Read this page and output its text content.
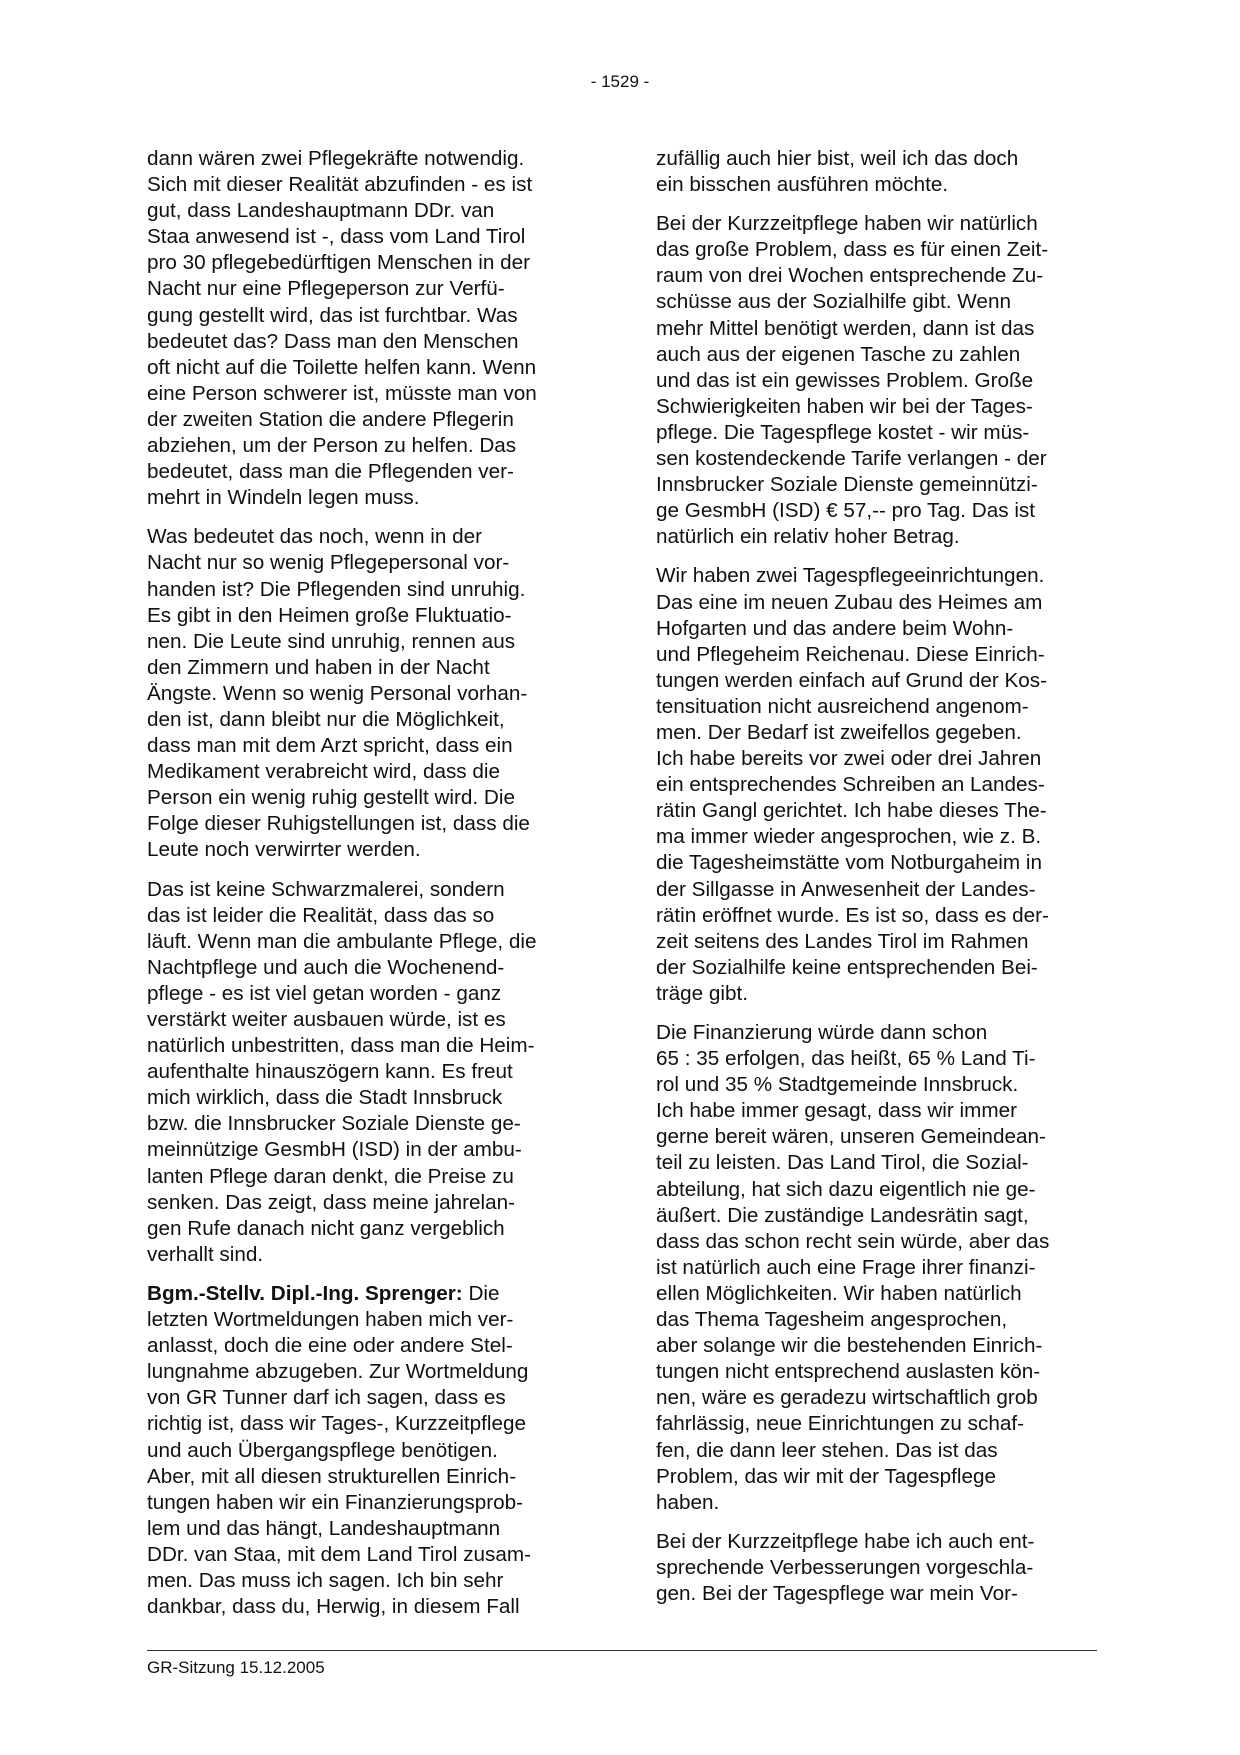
- 1529 -
dann wären zwei Pflegekräfte notwendig.
Sich mit dieser Realität abzufinden - es ist
gut, dass Landeshauptmann DDr. van
Staa anwesend ist -, dass vom Land Tirol
pro 30 pflegebedürftigen Menschen in der
Nacht nur eine Pflegeperson zur Verfü-
gung gestellt wird, das ist furchtbar. Was
bedeutet das? Dass man den Menschen
oft nicht auf die Toilette helfen kann. Wenn
eine Person schwerer ist, müsste man von
der zweiten Station die andere Pflegerin
abziehen, um der Person zu helfen. Das
bedeutet, dass man die Pflegenden ver-
mehrt in Windeln legen muss.
Was bedeutet das noch, wenn in der
Nacht nur so wenig Pflegepersonal vor-
handen ist? Die Pflegenden sind unruhig.
Es gibt in den Heimen große Fluktuatio-
nen. Die Leute sind unruhig, rennen aus
den Zimmern und haben in der Nacht
Ängste. Wenn so wenig Personal vorhan-
den ist, dann bleibt nur die Möglichkeit,
dass man mit dem Arzt spricht, dass ein
Medikament verabreicht wird, dass die
Person ein wenig ruhig gestellt wird. Die
Folge dieser Ruhigstellungen ist, dass die
Leute noch verwirrter werden.
Das ist keine Schwarzmalerei, sondern
das ist leider die Realität, dass das so
läuft. Wenn man die ambulante Pflege, die
Nachtpflege und auch die Wochenend-
pflege - es ist viel getan worden - ganz
verstärkt weiter ausbauen würde, ist es
natürlich unbestritten, dass man die Heim-
aufenthalte hinauszögern kann. Es freut
mich wirklich, dass die Stadt Innsbruck
bzw. die Innsbrucker Soziale Dienste ge-
meinnützige GesmbH (ISD) in der ambu-
lanten Pflege daran denkt, die Preise zu
senken. Das zeigt, dass meine jahrelan-
gen Rufe danach nicht ganz vergeblich
verhallt sind.
Bgm.-Stellv. Dipl.-Ing. Sprenger: Die
letzten Wortmeldungen haben mich ver-
anlasst, doch die eine oder andere Stel-
lungnahme abzugeben. Zur Wortmeldung
von GR Tunner darf ich sagen, dass es
richtig ist, dass wir Tages-, Kurzzeitpflege
und auch Übergangspflege benötigen.
Aber, mit all diesen strukturellen Einrich-
tungen haben wir ein Finanzierungsprob-
lem und das hängt, Landeshauptmann
DDr. van Staa, mit dem Land Tirol zusam-
men. Das muss ich sagen. Ich bin sehr
dankbar, dass du, Herwig, in diesem Fall
zufällig auch hier bist, weil ich das doch
ein bisschen ausführen möchte.
Bei der Kurzzeitpflege haben wir natürlich
das große Problem, dass es für einen Zeit-
raum von drei Wochen entsprechende Zu-
schüsse aus der Sozialhilfe gibt. Wenn
mehr Mittel benötigt werden, dann ist das
auch aus der eigenen Tasche zu zahlen
und das ist ein gewisses Problem. Große
Schwierigkeiten haben wir bei der Tages-
pflege. Die Tagespflege kostet - wir müs-
sen kostendeckende Tarife verlangen - der
Innsbrucker Soziale Dienste gemeinnützi-
ge GesmbH (ISD) € 57,-- pro Tag. Das ist
natürlich ein relativ hoher Betrag.
Wir haben zwei Tagespflegeeinrichtungen.
Das eine im neuen Zubau des Heimes am
Hofgarten und das andere beim Wohn-
und Pflegeheim Reichenau. Diese Einrich-
tungen werden einfach auf Grund der Kos-
tensituation nicht ausreichend angenom-
men. Der Bedarf ist zweifellos gegeben.
Ich habe bereits vor zwei oder drei Jahren
ein entsprechendes Schreiben an Landes-
rätin Gangl gerichtet. Ich habe dieses The-
ma immer wieder angesprochen, wie z. B.
die Tagesheimstätte vom Notburgaheim in
der Sillgasse in Anwesenheit der Landes-
rätin eröffnet wurde. Es ist so, dass es der-
zeit seitens des Landes Tirol im Rahmen
der Sozialhilfe keine entsprechenden Bei-
träge gibt.
Die Finanzierung würde dann schon
65 : 35 erfolgen, das heißt, 65 % Land Ti-
rol und 35 % Stadtgemeinde Innsbruck.
Ich habe immer gesagt, dass wir immer
gerne bereit wären, unseren Gemeindean-
teil zu leisten. Das Land Tirol, die Sozial-
abteilung, hat sich dazu eigentlich nie ge-
äußert. Die zuständige Landesrätin sagt,
dass das schon recht sein würde, aber das
ist natürlich auch eine Frage ihrer finanzi-
ellen Möglichkeiten. Wir haben natürlich
das Thema Tagesheim angesprochen,
aber solange wir die bestehenden Einrich-
tungen nicht entsprechend auslasten kön-
nen, wäre es geradezu wirtschaftlich grob
fahrlässig, neue Einrichtungen zu schaf-
fen, die dann leer stehen. Das ist das
Problem, das wir mit der Tagespflege
haben.
Bei der Kurzzeitpflege habe ich auch ent-
sprechende Verbesserungen vorgeschla-
gen. Bei der Tagespflege war mein Vor-
GR-Sitzung 15.12.2005
